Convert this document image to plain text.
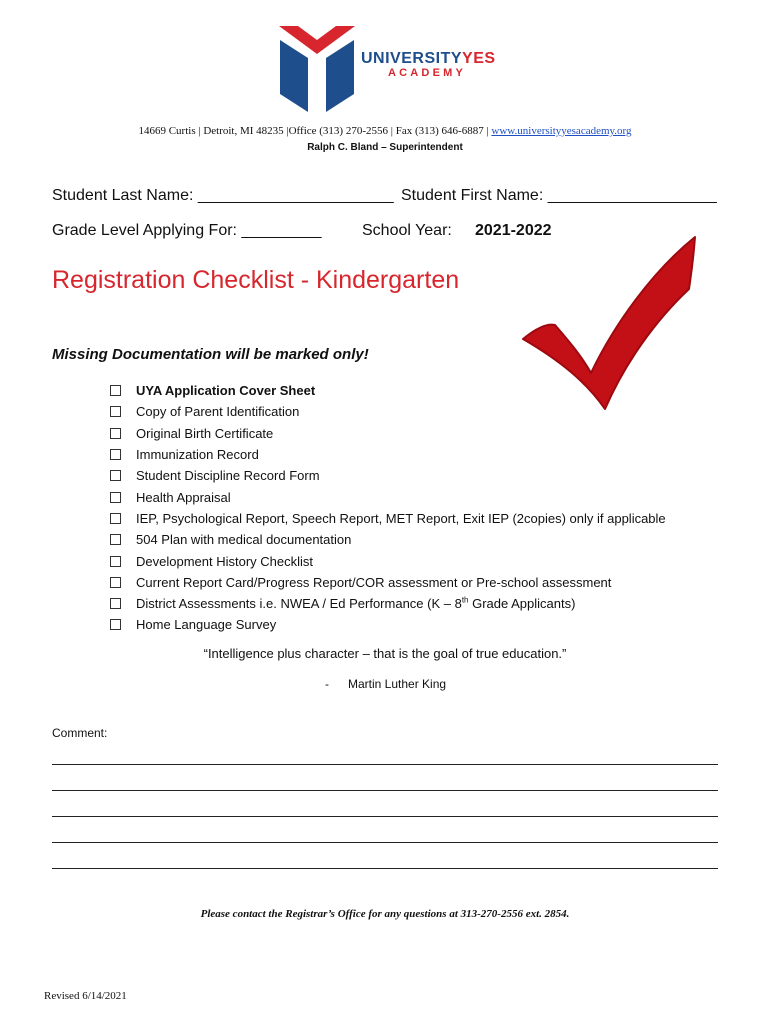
UNIVERSITYYES
ACADEMY
14669 Curtis | Detroit, MI 48235 |Office (313) 270-2556 | Fax (313) 646-6887 | www.universityyesacademy.org
Ralph C. Bland – Superintendent
Student Last Name: ______________________ Student First Name: ___________________
Grade Level Applying For: _________	School Year: 2021-2022
Registration Checklist - Kindergarten
Missing Documentation will be marked only!
UYA Application Cover Sheet
Copy of Parent Identification
Original Birth Certificate
Immunization Record
Student Discipline Record Form
Health Appraisal
IEP, Psychological Report, Speech Report, MET Report, Exit IEP (2copies) only if applicable
504 Plan with medical documentation
Development History Checklist
Current Report Card/Progress Report/COR assessment or Pre-school assessment
District Assessments i.e. NWEA / Ed Performance (K – 8th Grade Applicants)
Home Language Survey
“Intelligence plus character – that is the goal of true education.”
- Martin Luther King
Comment:
Please contact the Registrar’s Office for any questions at 313-270-2556 ext. 2854.
Revised 6/14/2021
